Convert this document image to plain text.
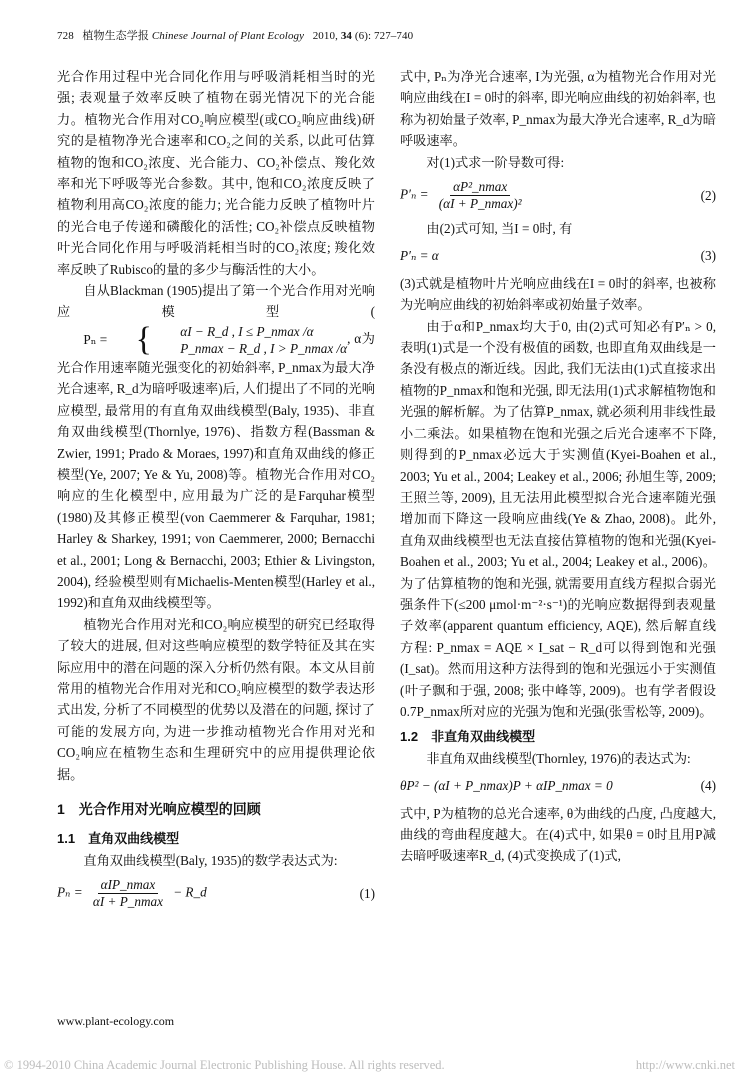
728 植物生态学报 Chinese Journal of Plant Ecology 2010, 34 (6): 727–740

光合作用过程中光合同化作用与呼吸消耗相当时的光强; 表观量子效率反映了植物在弱光情况下的光合能力。植物光合作用对CO₂响应模型(或CO₂响应曲线)研究的是植物净光合速率和CO₂之间的关系, 以此可估算植物的饱和CO₂浓度、光合能力、CO₂补偿点、羧化效率和光下呼吸等光合参数。其中, 饱和CO₂浓度反映了植物利用高CO₂浓度的能力; 光合能力反映了植物叶片的光合电子传递和磷酸化的活性; CO₂补偿点反映植物叶光合同化作用与呼吸消耗相当时的CO₂浓度; 羧化效率反映了Rubisco的量的多少与酶活性的大小。

自从Blackman (1905)提出了第一个光合作用对光响应模型(
Pₙ = {	αI − R_d , I ≤ P_nmax /α
P_nmax − R_d , I > P_nmax /α
, α为光合作用速率随光强变化的初始斜率, P_nmax为最大净光合速率, R_d为暗呼吸速率)后, 人们提出了不同的光响应模型, 最常用的有直角双曲线模型(Baly, 1935)、非直角双曲线模型(Thornlye, 1976)、指数方程(Bassman & Zwier, 1991; Prado & Moraes, 1997)和直角双曲线的修正模型(Ye, 2007; Ye & Yu, 2008)等。植物光合作用对CO₂响应的生化模型中, 应用最为广泛的是Farquhar模型(1980)及其修正模型(von Caemmerer & Farquhar, 1981; Harley & Sharkey, 1991; von Caemmerer, 2000; Bernacchi et al., 2001; Long & Bernacchi, 2003; Ethier & Livingston, 2004), 经验模型则有Michaelis-Menten模型(Harley et al., 1992)和直角双曲线模型等。

植物光合作用对光和CO₂响应模型的研究已经取得了较大的进展, 但对这些响应模型的数学特征及其在实际应用中的潜在问题的深入分析仍然有限。本文从目前常用的植物光合作用对光和CO₂响应模型的数学表达形式出发, 分析了不同模型的优势以及潜在的问题, 探讨了可能的发展方向, 为进一步推动植物光合作用对光和CO₂响应在植物生态和生理研究中的应用提供理论依据。

1　光合作用对光响应模型的回顾
1.1　直角双曲线模型

直角双曲线模型(Baly, 1935)的数学表达式为:

$P_n = \frac{\text{αIP\_nmax}}{\alpha I + P\_nmax}$ − R_d	(1)

式中, Pₙ为净光合速率, I为光强, α为植物光合作用对光响应曲线在I = 0时的斜率, 即光响应曲线的初始斜率, 也称为初始量子效率, P_nmax为最大净光合速率, R_d为暗呼吸速率。

对(1)式求一阶导数可得:

$P'_n = \frac{\text{αP²\_nmax}}{\text{(αI + P\_nmax)²}}$	(2)

由(2)式可知, 当I = 0时, 有

P′ₙ = α	(3)

(3)式就是植物叶片光响应曲线在I = 0时的斜率, 也被称为光响应曲线的初始斜率或初始量子效率。

由于α和P_nmax均大于0, 由(2)式可知必有P′ₙ > 0, 表明(1)式是一个没有极值的函数, 也即直角双曲线是一条没有极点的渐近线。因此, 我们无法由(1)式直接求出植物的P_nmax和饱和光强, 即无法用(1)式求解植物饱和光强的解析解。为了估算P_nmax, 就必须利用非线性最小二乘法。如果植物在饱和光强之后光合速率不下降, 则得到的P_nmax必远大于实测值(Kyei-Boahen et al., 2003; Yu et al., 2004; Leakey et al., 2006; 孙旭生等, 2009; 王照兰等, 2009), 且无法用此模型拟合光合速率随光强增加而下降这一段响应曲线(Ye & Zhao, 2008)。此外, 直角双曲线模型也无法直接估算植物的饱和光强(Kyei-Boahen et al., 2003; Yu et al., 2004; Leakey et al., 2006)。为了估算植物的饱和光强, 就需要用直线方程拟合弱光强条件下(≤200 μmol·m⁻²·s⁻¹)的光响应数据得到表观量子效率(apparent quantum efficiency, AQE), 然后解直线方程: P_nmax = AQE × I_sat − R_d可以得到饱和光强(I_sat)。然而用这种方法得到的饱和光强远小于实测值(叶子飘和于强, 2008; 张中峰等, 2009)。也有学者假设0.7P_nmax所对应的光强为饱和光强(张雪松等, 2009)。

1.2　非直角双曲线模型

非直角双曲线模型(Thornley, 1976)的表达式为:

θP² − (αI + P_nmax)P + αIP_nmax = 0	(4)

式中, P为植物的总光合速率, θ为曲线的凸度, 凸度越大, 曲线的弯曲程度越大。在(4)式中, 如果θ = 0时且用P减去暗呼吸速率R_d, (4)式变换成了(1)式,

www.plant-ecology.com
© 1994-2010 China Academic Journal Electronic Publishing House. All rights reserved.	http://www.cnki.net
